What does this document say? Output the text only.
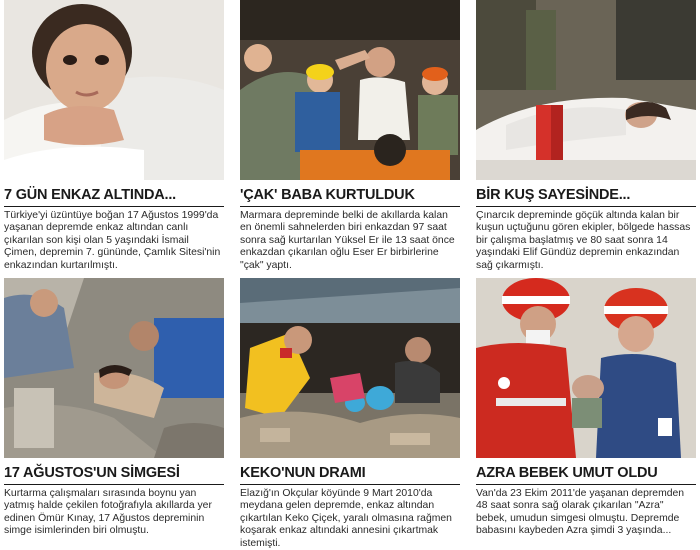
7 GÜN ENKAZ ALTINDA...
Türkiye'yi üzüntüye boğan 17 Ağustos 1999'da yaşanan depremde enkaz altından canlı çıkarılan son kişi olan 5 yaşındaki İsmail Çimen, depremin 7. gününde, Çamlık Sitesi'nin enkazından kurtarılmıştı.
'ÇAK' BABA KURTULDUK
Marmara depreminde belki de akıllarda kalan en önemli sahnelerden biri enkazdan 97 saat sonra sağ kurtarılan Yüksel Er ile 13 saat önce enkazdan çıkarılan oğlu Eser Er birbirlerine "çak" yaptı.
BİR KUŞ SAYESİNDE...
Çınarcık depreminde göçük altında kalan bir kuşun uçtuğunu gören ekipler, bölgede hassas bir çalışma başlatmış ve 80 saat sonra 14 yaşındaki Elif Gündüz depremin enkazından sağ çıkarmıştı.
17 AĞUSTOS'UN SİMGESİ
Kurtarma çalışmaları sırasında boynu yan yatmış halde çekilen fotoğrafıyla akıllarda yer edinen Ömür Kınay, 17 Ağustos depreminin simge isimlerinden biri olmuştu.
KEKO'NUN DRAMI
Elazığ'ın Okçular köyünde 9 Mart 2010'da meydana gelen depremde, enkaz altından çıkartılan Keko Çiçek, yaralı olmasına rağmen koşarak enkaz altındaki annesini çıkartmak istemişti.
AZRA BEBEK UMUT OLDU
Van'da 23 Ekim 2011'de yaşanan depremden 48 saat sonra sağ olarak çıkarılan "Azra" bebek, umudun simgesi olmuştu. Depremde babasını kaybeden Azra şimdi 3 yaşında...
